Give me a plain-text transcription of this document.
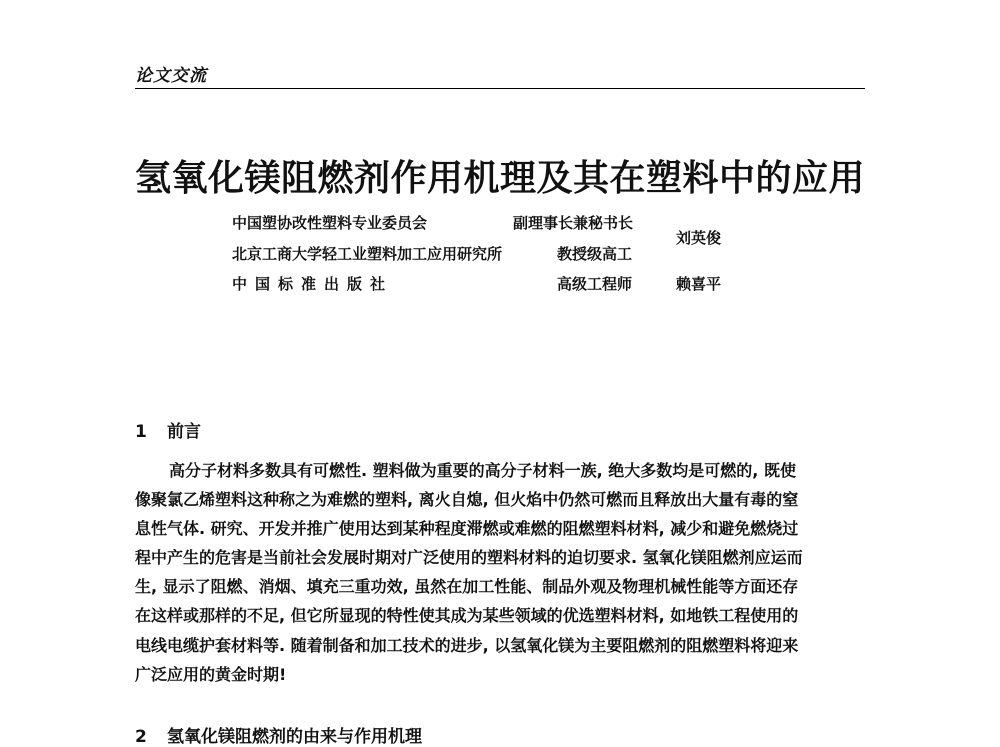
论文交流
氢氧化镁阻燃剂作用机理及其在塑料中的应用
中国塑协改性塑料专业委员会	副理事长兼秘书长
北京工商大学轻工业塑料加工应用研究所	教授级高工
刘英俊
中国标准出版社	高级工程师	赖喜平
1 前言
高分子材料多数具有可燃性. 塑料做为重要的高分子材料一族, 绝大多数均是可燃的, 既使
像聚氯乙烯塑料这种称之为难燃的塑料, 离火自熄, 但火焰中仍然可燃而且释放出大量有毒的窒
息性气体. 研究、开发并推广使用达到某种程度滞燃或难燃的阻燃塑料材料, 减少和避免燃烧过
程中产生的危害是当前社会发展时期对广泛使用的塑料材料的迫切要求. 氢氧化镁阻燃剂应运而
生, 显示了阻燃、消烟、填充三重功效, 虽然在加工性能、制品外观及物理机械性能等方面还存
在这样或那样的不足, 但它所显现的特性使其成为某些领域的优选塑料材料, 如地铁工程使用的
电线电缆护套材料等. 随着制备和加工技术的进步, 以氢氧化镁为主要阻燃剂的阻燃塑料将迎来
广泛应用的黄金时期!
2 氢氧化镁阻燃剂的由来与作用机理
